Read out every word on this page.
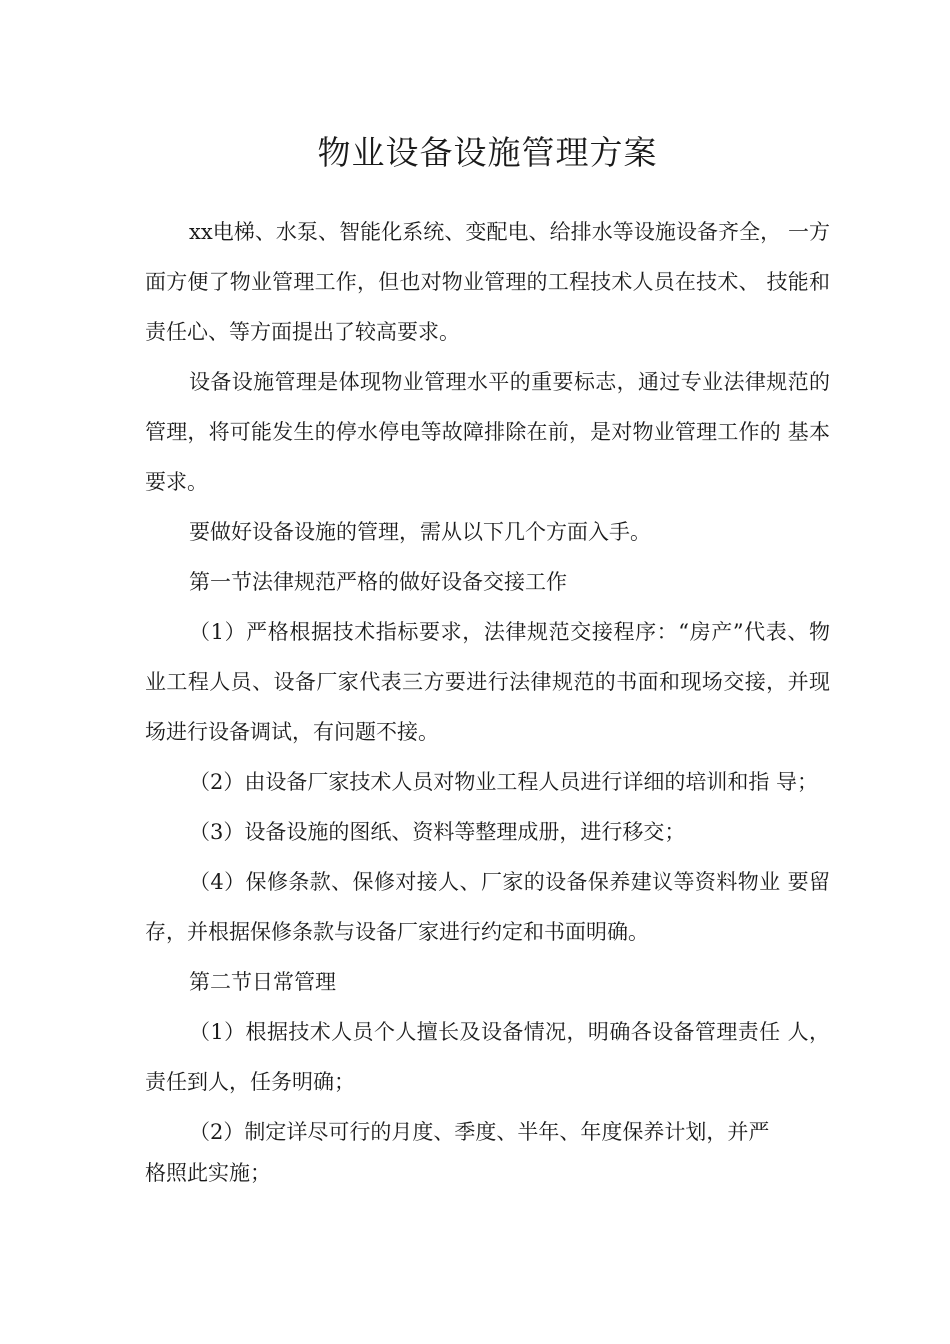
物业设备设施管理方案

xx电梯、水泵、智能化系统、变配电、给排水等设施设备齐全， 一方面方便了物业管理工作，但也对物业管理的工程技术人员在技术、 技能和责任心、等方面提出了较高要求。

设备设施管理是体现物业管理水平的重要标志，通过专业法律规范的管理，将可能发生的停水停电等故障排除在前，是对物业管理工作的 基本要求。

要做好设备设施的管理，需从以下几个方面入手。

第一节法律规范严格的做好设备交接工作

（1）严格根据技术指标要求，法律规范交接程序：“房产”代表、物 业工程人员、设备厂家代表三方要进行法律规范的书面和现场交接，并现 场进行设备调试，有问题不接。

（2）由设备厂家技术人员对物业工程人员进行详细的培训和指 导；

（3）设备设施的图纸、资料等整理成册，进行移交；

（4）保修条款、保修对接人、厂家的设备保养建议等资料物业 要留存，并根据保修条款与设备厂家进行约定和书面明确。

第二节日常管理

（1）根据技术人员个人擅长及设备情况，明确各设备管理责任 人，责任到人，任务明确；

（2）制定详尽可行的月度、季度、半年、年度保养计划，并严

格照此实施；
